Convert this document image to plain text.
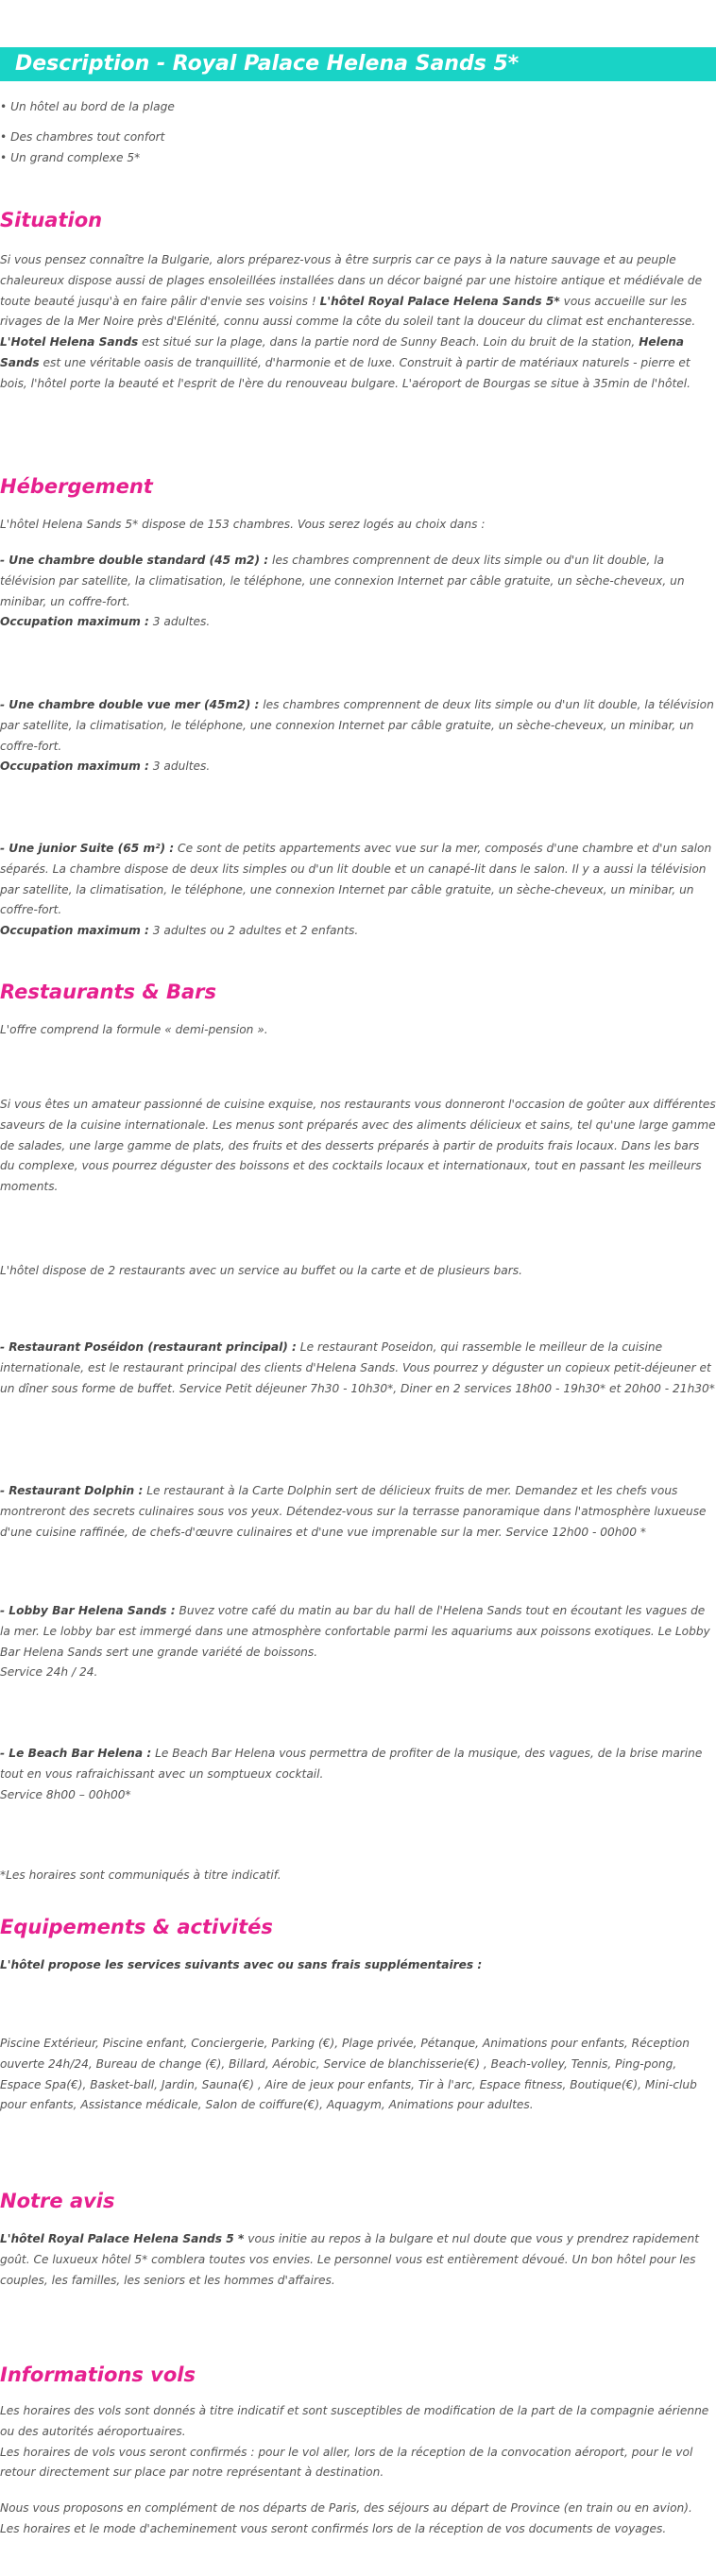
Description - Royal Palace Helena Sands 5*

• Un hôtel au bord de la plage

• Des chambres tout confort

• Un grand complexe 5*

Situation

Si vous pensez connaître la Bulgarie, alors préparez-vous à être surpris car ce pays à la nature sauvage et au peuple chaleureux dispose aussi de plages ensoleillées installées dans un décor baigné par une histoire antique et médiévale de toute beauté jusqu'à en faire pâlir d'envie ses voisins ! L'hôtel Royal Palace Helena Sands 5* vous accueille sur les rivages de la Mer Noire près d'Elénité, connu aussi comme la côte du soleil tant la douceur du climat est enchanteresse. L'Hotel Helena Sands est situé sur la plage, dans la partie nord de Sunny Beach. Loin du bruit de la station, Helena Sands est une véritable oasis de tranquillité, d'harmonie et de luxe. Construit à partir de matériaux naturels - pierre et bois, l'hôtel porte la beauté et l'esprit de l'ère du renouveau bulgare. L'aéroport de Bourgas se situe à 35min de l'hôtel.

Hébergement

L'hôtel Helena Sands 5* dispose de 153 chambres. Vous serez logés au choix dans :

- Une chambre double standard (45 m2) : les chambres comprennent de deux lits simple ou d'un lit double, la télévision par satellite, la climatisation, le téléphone, une connexion Internet par câble gratuite, un sèche-cheveux, un minibar, un coffre-fort.

Occupation maximum : 3 adultes.

- Une chambre double vue mer (45m2) : les chambres comprennent de deux lits simple ou d'un lit double, la télévision par satellite, la climatisation, le téléphone, une connexion Internet par câble gratuite, un sèche-cheveux, un minibar, un coffre-fort.

Occupation maximum : 3 adultes.

- Une junior Suite (65 m²) : Ce sont de petits appartements avec vue sur la mer, composés d'une chambre et d'un salon séparés. La chambre dispose de deux lits simples ou d'un lit double et un canapé-lit dans le salon. Il y a aussi la télévision par satellite, la climatisation, le téléphone, une connexion Internet par câble gratuite, un sèche-cheveux, un minibar, un coffre-fort.

Occupation maximum : 3 adultes ou 2 adultes et 2 enfants.

Restaurants & Bars

L'offre comprend la formule « demi-pension ».

Si vous êtes un amateur passionné de cuisine exquise, nos restaurants vous donneront l'occasion de goûter aux différentes saveurs de la cuisine internationale. Les menus sont préparés avec des aliments délicieux et sains, tel qu'une large gamme de salades, une large gamme de plats, des fruits et des desserts préparés à partir de produits frais locaux. Dans les bars du complexe, vous pourrez déguster des boissons et des cocktails locaux et internationaux, tout en passant les meilleurs moments.

L'hôtel dispose de 2 restaurants avec un service au buffet ou la carte et de plusieurs bars.

- Restaurant Poséidon (restaurant principal) : Le restaurant Poseidon, qui rassemble le meilleur de la cuisine internationale, est le restaurant principal des clients d'Helena Sands. Vous pourrez y déguster un copieux petit-déjeuner et un dîner sous forme de buffet. Service Petit déjeuner 7h30 - 10h30*, Diner en 2 services 18h00 - 19h30* et 20h00 - 21h30*

- Restaurant Dolphin : Le restaurant à la Carte Dolphin sert de délicieux fruits de mer. Demandez et les chefs vous montreront des secrets culinaires sous vos yeux. Détendez-vous sur la terrasse panoramique dans l'atmosphère luxueuse d'une cuisine raffinée, de chefs-d'œuvre culinaires et d'une vue imprenable sur la mer. Service 12h00 - 00h00 *

- Lobby Bar Helena Sands : Buvez votre café du matin au bar du hall de l'Helena Sands tout en écoutant les vagues de la mer. Le lobby bar est immergé dans une atmosphère confortable parmi les aquariums aux poissons exotiques. Le Lobby Bar Helena Sands sert une grande variété de boissons.

Service 24h / 24.

- Le Beach Bar Helena : Le Beach Bar Helena vous permettra de profiter de la musique, des vagues, de la brise marine tout en vous rafraichissant avec un somptueux cocktail.

Service 8h00 – 00h00*

*Les horaires sont communiqués à titre indicatif.

Equipements & activités

L'hôtel propose les services suivants avec ou sans frais supplémentaires :

Piscine Extérieur, Piscine enfant, Conciergerie, Parking (€), Plage privée, Pétanque, Animations pour enfants, Réception ouverte 24h/24, Bureau de change (€), Billard, Aérobic, Service de blanchisserie(€) , Beach-volley, Tennis, Ping-pong, Espace Spa(€), Basket-ball, Jardin, Sauna(€) , Aire de jeux pour enfants, Tir à l'arc, Espace fitness, Boutique(€), Mini-club pour enfants, Assistance médicale, Salon de coiffure(€), Aquagym, Animations pour adultes.

Notre avis

L'hôtel Royal Palace Helena Sands 5 * vous initie au repos à la bulgare et nul doute que vous y prendrez rapidement goût. Ce luxueux hôtel 5* comblera toutes vos envies. Le personnel vous est entièrement dévoué. Un bon hôtel pour les couples, les familles, les seniors et les hommes d'affaires.

Informations vols

Les horaires des vols sont donnés à titre indicatif et sont susceptibles de modification de la part de la compagnie aérienne ou des autorités aéroportuaires.

Les horaires de vols vous seront confirmés : pour le vol aller, lors de la réception de la convocation aéroport, pour le vol retour directement sur place par notre représentant à destination.

Nous vous proposons en complément de nos départs de Paris, des séjours au départ de Province (en train ou en avion).

Les horaires et le mode d'acheminement vous seront confirmés lors de la réception de vos documents de voyages.
